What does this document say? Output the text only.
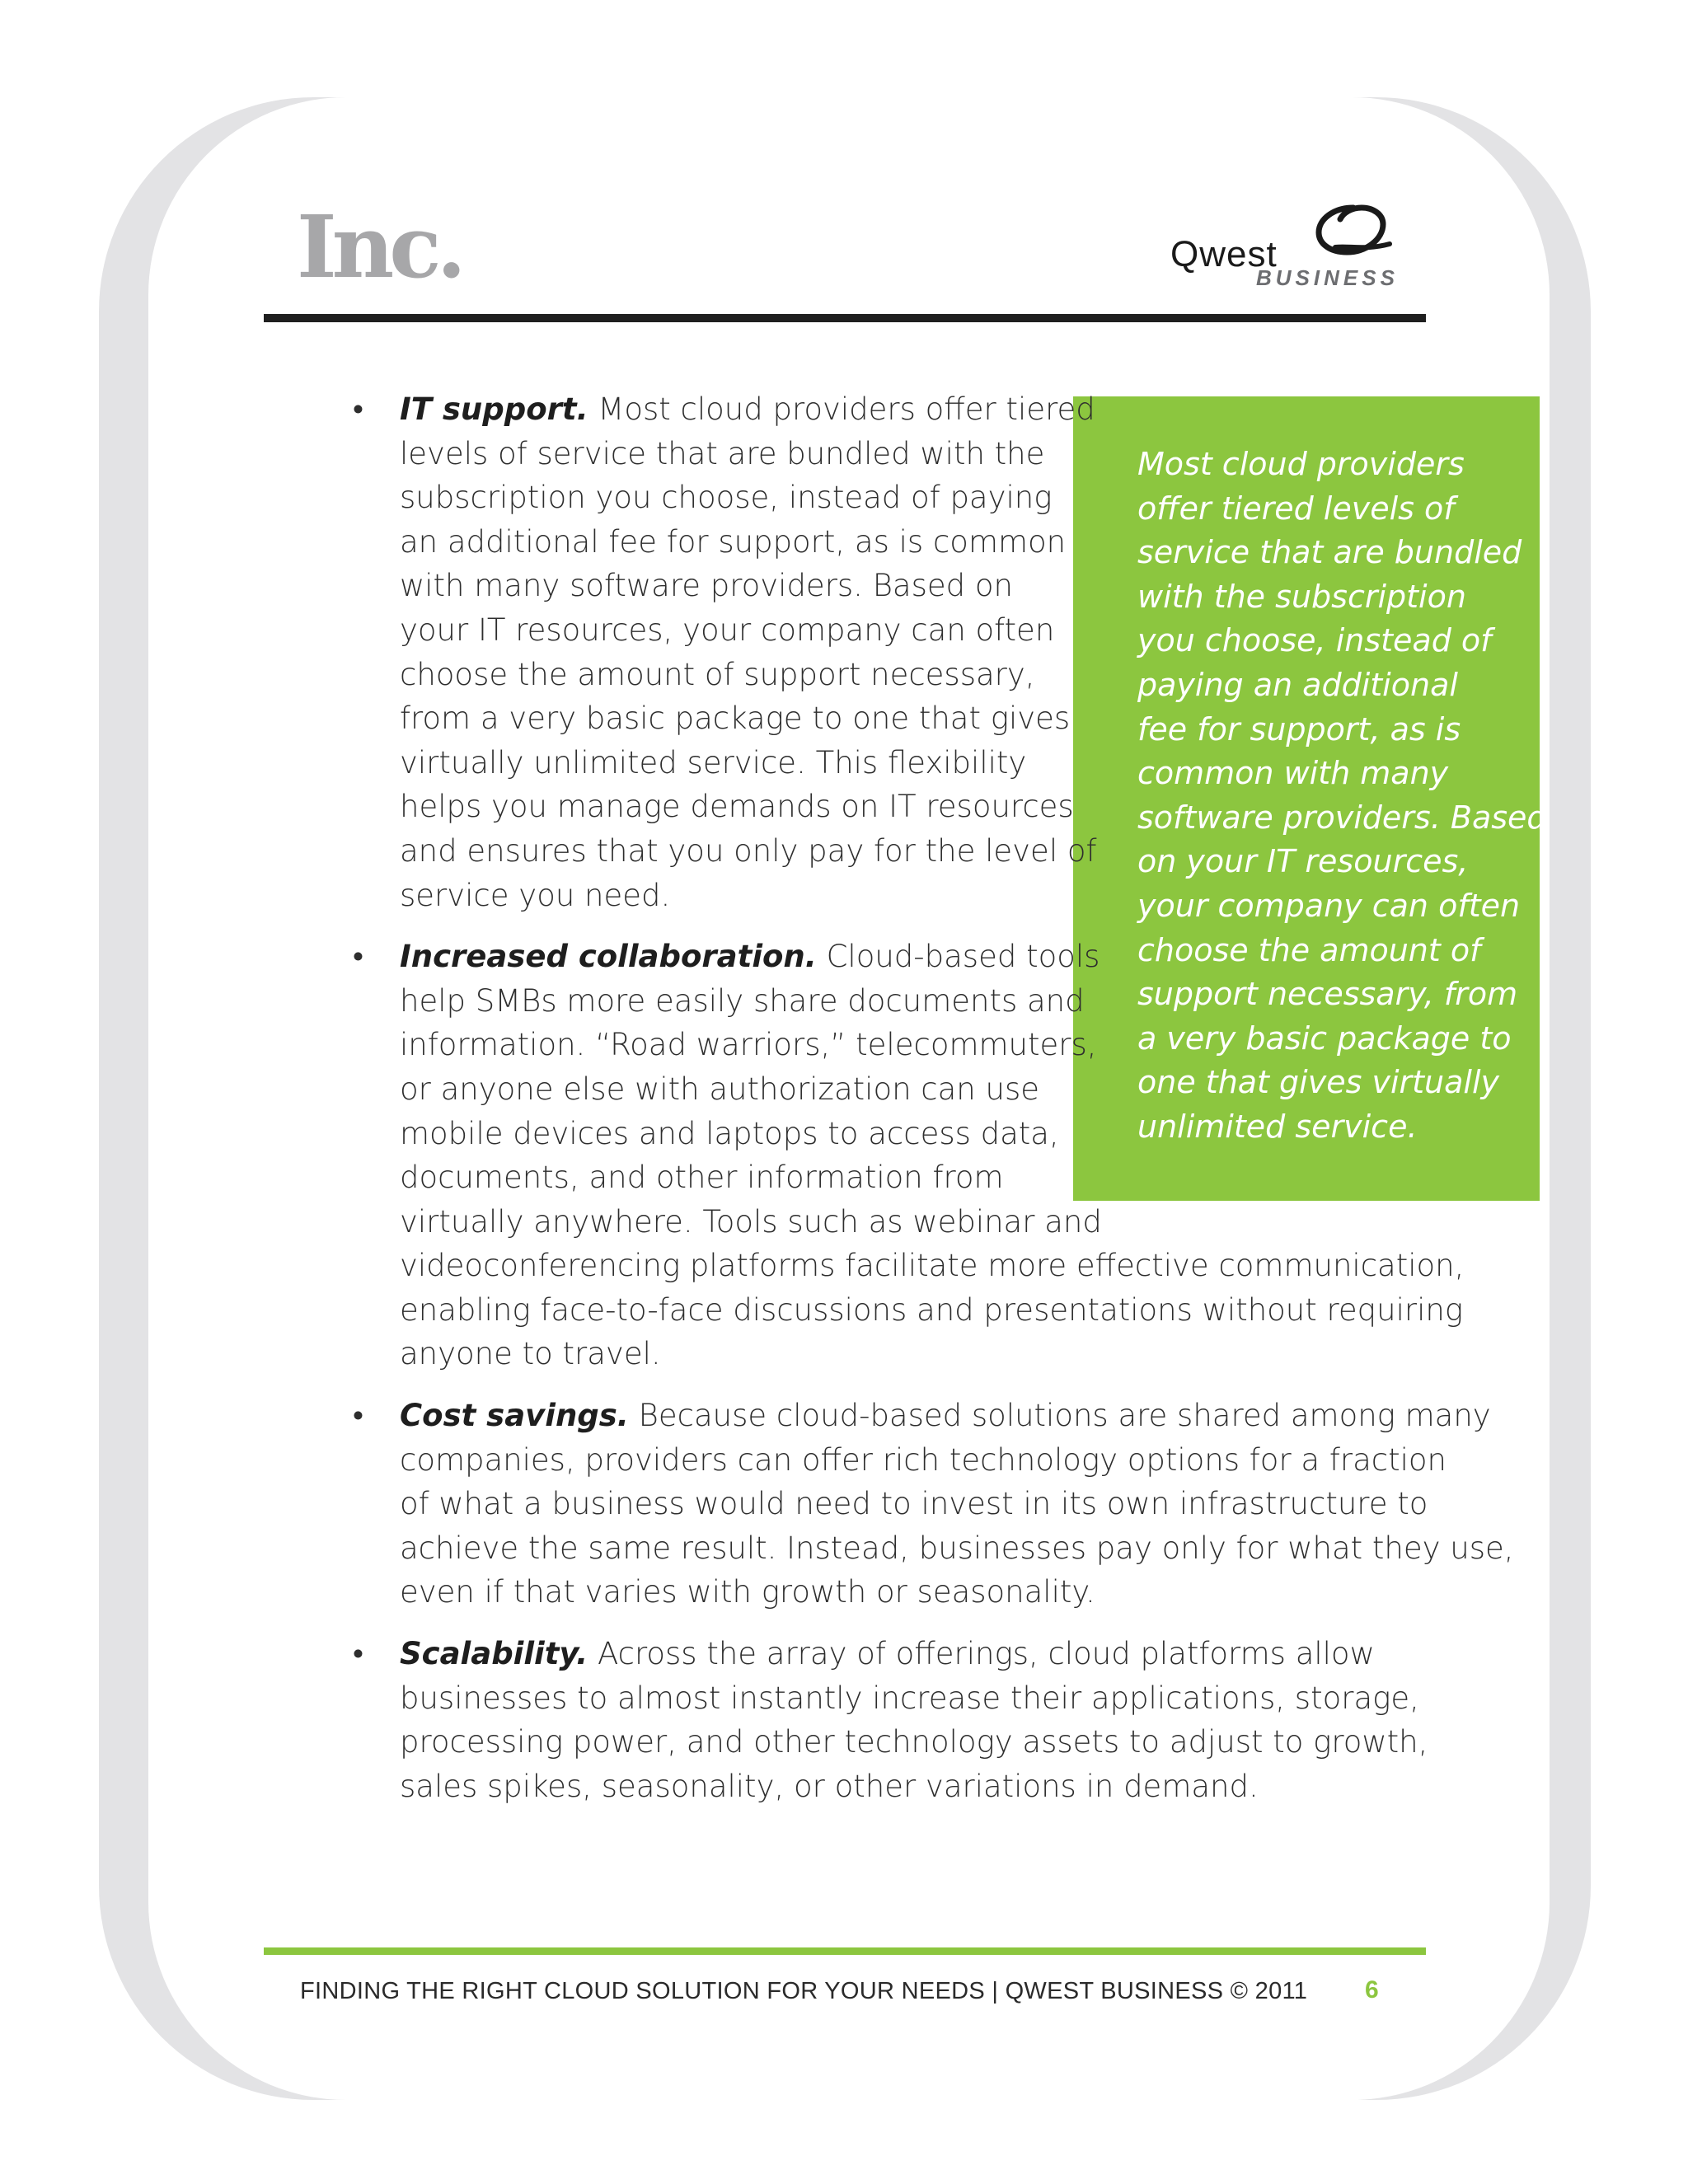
Inc.	Qwest
BUSINESS

Most cloud providers
offer tiered levels of
service that are bundled
with the subscription
you choose, instead of
paying an additional
fee for support, as is
common with many
software providers. Based
on your IT resources,
your company can often
choose the amount of
support necessary, from
a very basic package to
one that gives virtually
unlimited service.

• IT support. Most cloud providers offer tiered
levels of service that are bundled with the
subscription you choose, instead of paying
an additional fee for support, as is common
with many software providers. Based on
your IT resources, your company can often
choose the amount of support necessary,
from a very basic package to one that gives
virtually unlimited service. This flexibility
helps you manage demands on IT resources
and ensures that you only pay for the level of
service you need.
• Increased collaboration. Cloud-based tools
help SMBs more easily share documents and
information. “Road warriors,” telecommuters,
or anyone else with authorization can use
mobile devices and laptops to access data,
documents, and other information from
virtually anywhere. Tools such as webinar and
videoconferencing platforms facilitate more effective communication,
enabling face-to-face discussions and presentations without requiring
anyone to travel.
• Cost savings. Because cloud-based solutions are shared among many
companies, providers can offer rich technology options for a fraction
of what a business would need to invest in its own infrastructure to
achieve the same result. Instead, businesses pay only for what they use,
even if that varies with growth or seasonality.
• Scalability. Across the array of offerings, cloud platforms allow
businesses to almost instantly increase their applications, storage,
processing power, and other technology assets to adjust to growth,
sales spikes, seasonality, or other variations in demand.
FINDING THE RIGHT CLOUD SOLUTION FOR YOUR NEEDS | QWEST BUSINESS © 2011 6
